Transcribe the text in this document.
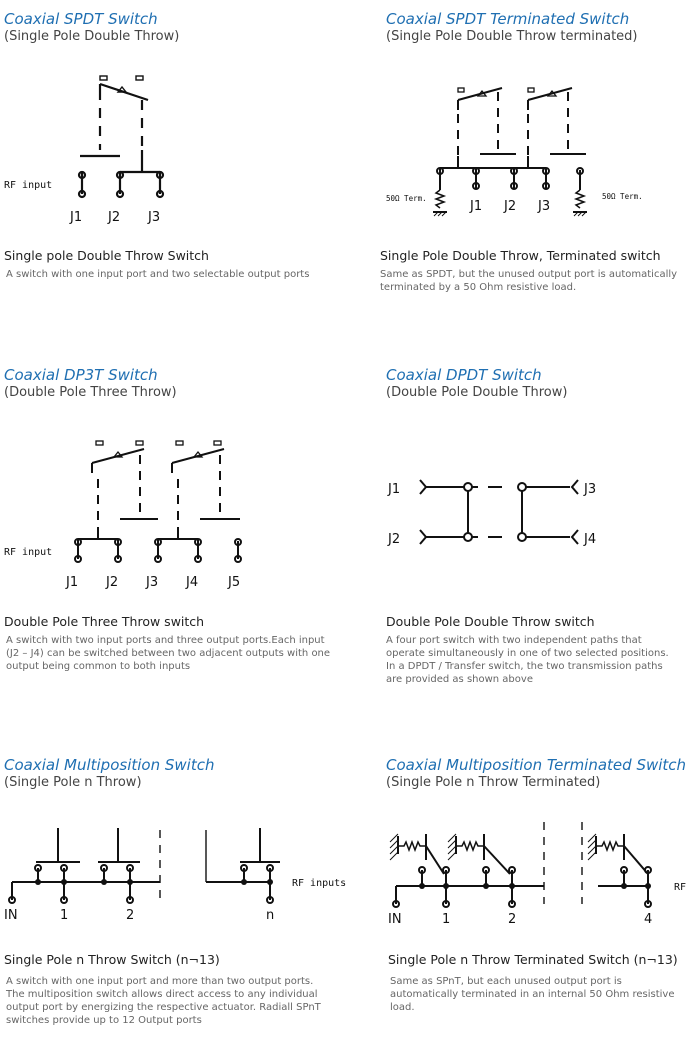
Coaxial SPDT Switch
(Single Pole Double Throw)
RF input
J1 J2 J3
Single pole Double Throw Switch
A switch with one input port and two selectable output ports
Coaxial SPDT Terminated Switch
(Single Pole Double Throw terminated)
50Ω Term.	50Ω Term.
J1 J2 J3
Single Pole Double Throw, Terminated switch
Same as SPDT, but the unused output port is automatically terminated by a 50 Ohm resistive load.
Coaxial DP3T Switch
(Double Pole Three Throw)
RF input
J1 J2 J3 J4 J5
Double Pole Three Throw switch
A switch with two input ports and three output ports.Each input (J2 – J4) can be switched between two adjacent outputs with one output being common to both inputs
Coaxial DPDT Switch
(Double Pole Double Throw)
J1
J2
J3
J4
Double Pole Double Throw switch
A four port switch with two independent paths that operate simultaneously in one of two selected positions. In a DPDT / Transfer switch, the two transmission paths are provided as shown above
Coaxial Multiposition Switch
(Single Pole n Throw)
RF inputs
IN	1	2	n
Single Pole n Throw Switch (n¬13)
A switch with one input port and more than two output ports. The multiposition switch allows direct access to any individual output port by energizing the respective actuator. Radiall SPnT switches provide up to 12 Output ports
Coaxial Multiposition Terminated Switch
(Single Pole n Throw Terminated)
RF
IN	1	2	4
Single Pole n Throw Terminated Switch (n¬13)
Same as SPnT, but each unused output port is automatically terminated in an internal 50 Ohm resistive load.
